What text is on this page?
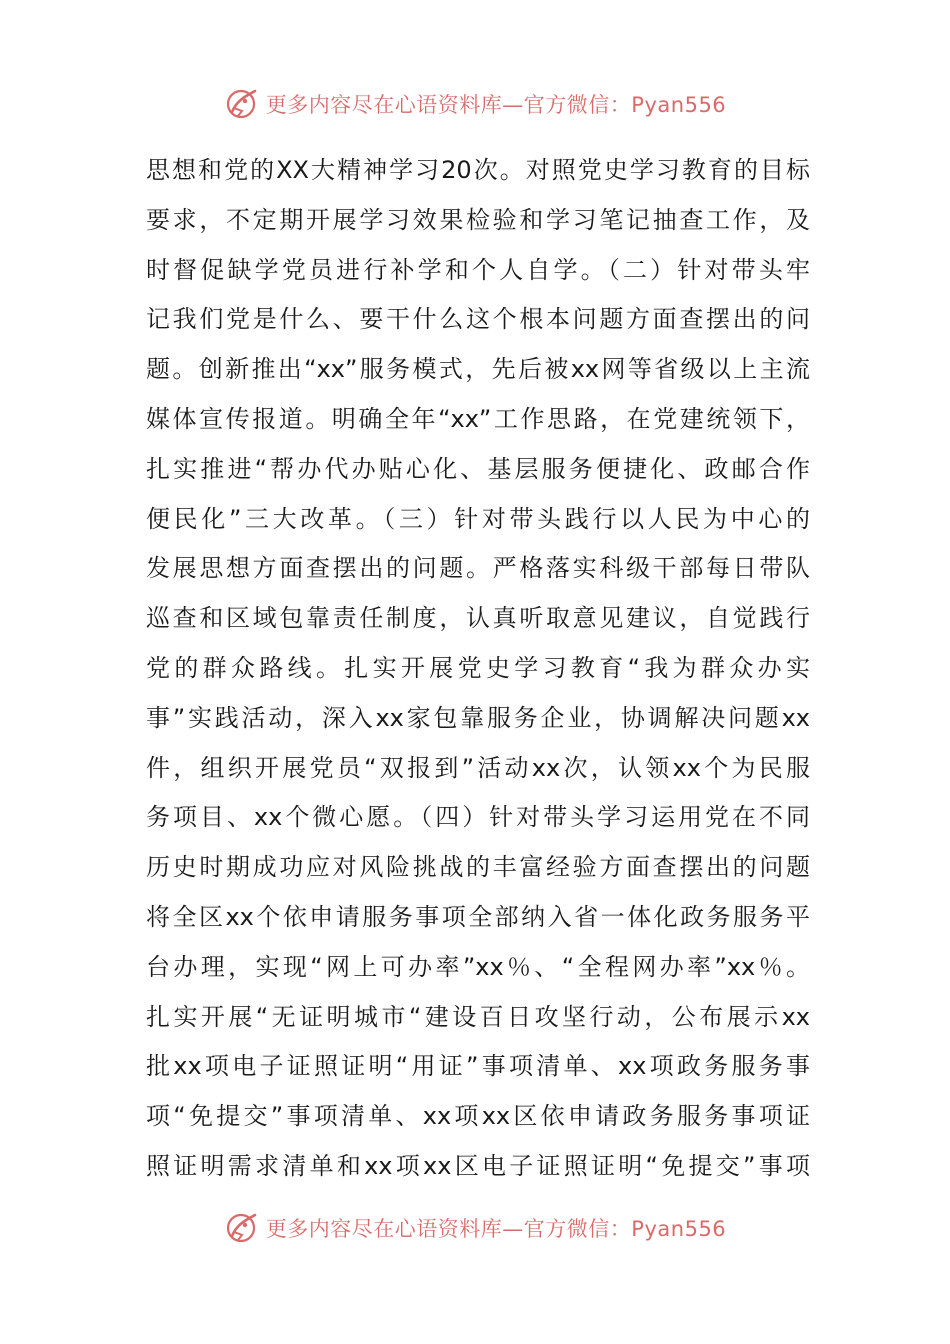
更多内容尽在心语资料库—官方微信：Pyan556
思想和党的XX大精神学习20次。对照党史学习教育的目标
要求，不定期开展学习效果检验和学习笔记抽查工作，及
时督促缺学党员进行补学和个人自学。（二）针对带头牢
记我们党是什么、要干什么这个根本问题方面查摆出的问
题。创新推出“xx”服务模式，先后被xx网等省级以上主流
媒体宣传报道。明确全年“xx”工作思路，在党建统领下，
扎实推进“帮办代办贴心化、基层服务便捷化、政邮合作
便民化”三大改革。（三）针对带头践行以人民为中心的
发展思想方面查摆出的问题。严格落实科级干部每日带队
巡查和区域包靠责任制度，认真听取意见建议，自觉践行
党的群众路线。扎实开展党史学习教育“我为群众办实
事”实践活动，深入xx家包靠服务企业，协调解决问题xx
件，组织开展党员“双报到”活动xx次，认领xx个为民服
务项目、xx个微心愿。（四）针对带头学习运用党在不同
历史时期成功应对风险挑战的丰富经验方面查摆出的问题
将全区xx个依申请服务事项全部纳入省一体化政务服务平
台办理，实现“网上可办率”xx％、“全程网办率”xx％。
扎实开展“无证明城市“建设百日攻坚行动，公布展示xx
批xx项电子证照证明“用证”事项清单、xx项政务服务事
项“免提交”事项清单、xx项xx区依申请政务服务事项证
照证明需求清单和xx项xx区电子证照证明“免提交”事项
更多内容尽在心语资料库—官方微信：Pyan556
